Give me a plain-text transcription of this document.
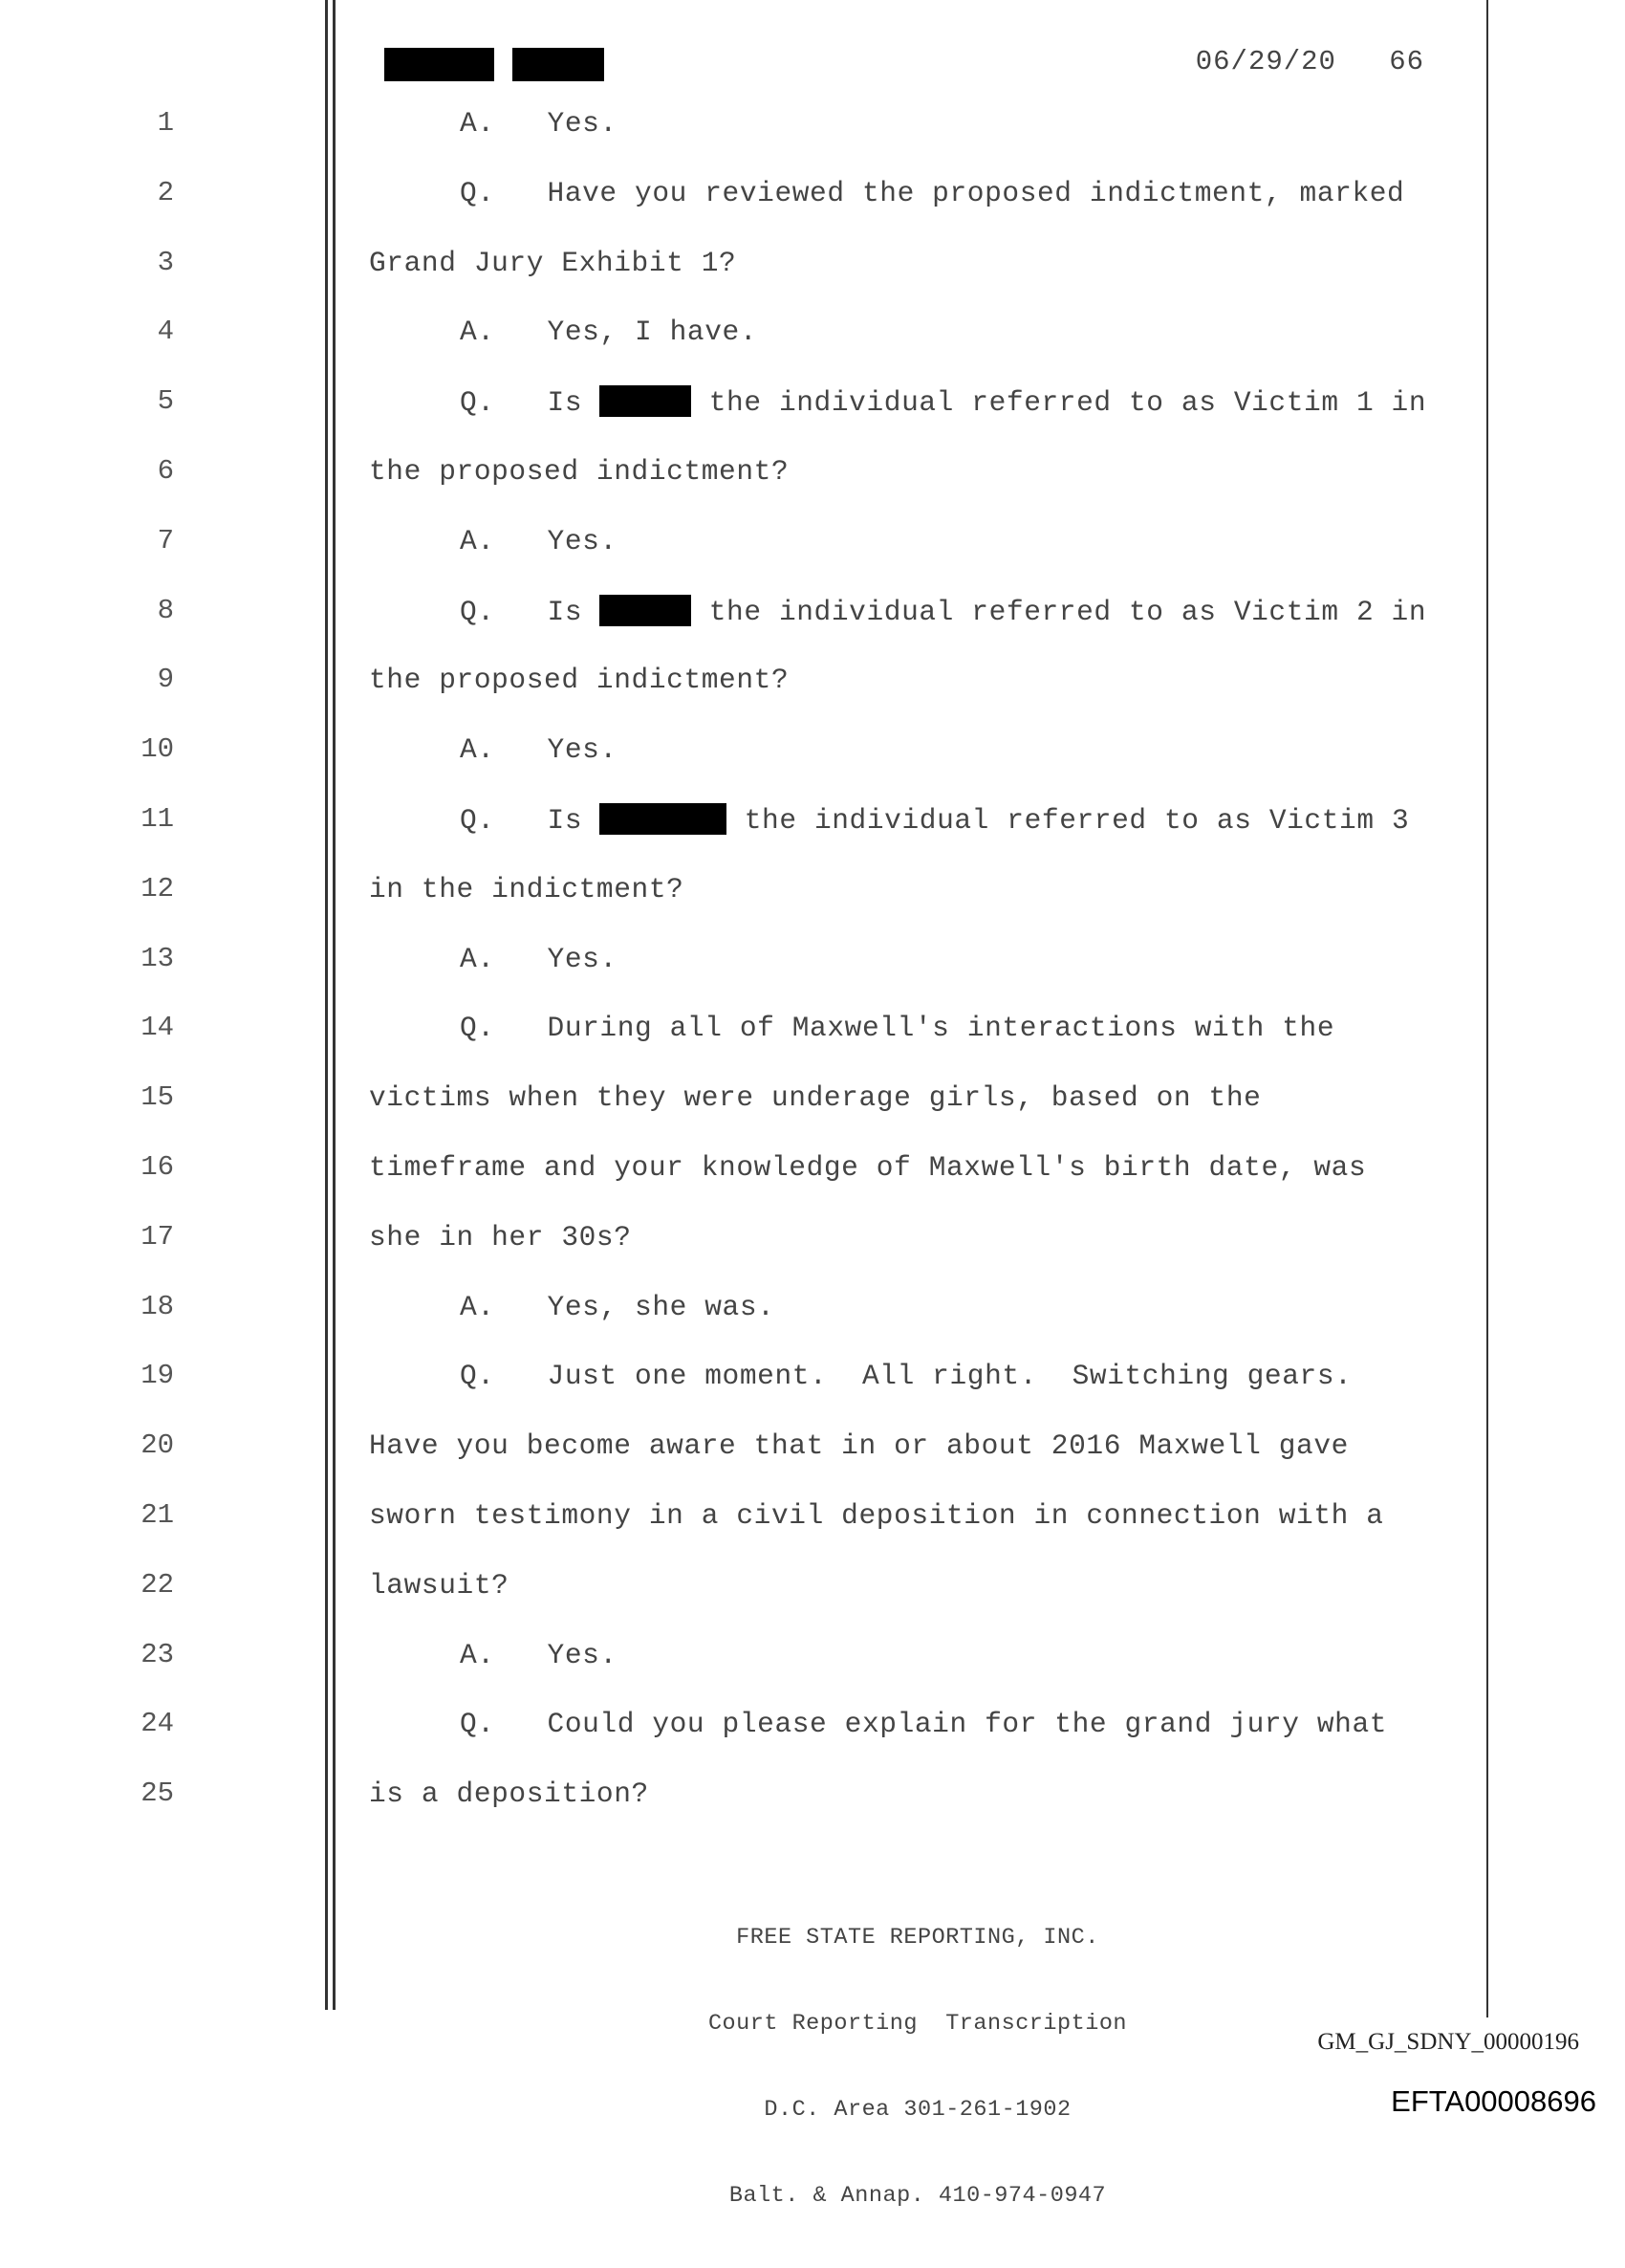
06/29/20 66
1	A.   Yes.
2	Q.   Have you reviewed the proposed indictment, marked
3	Grand Jury Exhibit 1?
4	A.   Yes, I have.
5	Q.   Is	the individual referred to as Victim 1 in
6	the proposed indictment?
7	A.   Yes.
8	Q.   Is	the individual referred to as Victim 2 in
9	the proposed indictment?
10	A.   Yes.
11	Q.   Is	the individual referred to as Victim 3
12	in the indictment?
13	A.   Yes.
14	Q.   During all of Maxwell's interactions with the
15	victims when they were underage girls, based on the
16	timeframe and your knowledge of Maxwell's birth date, was
17	she in her 30s?
18	A.   Yes, she was.
19	Q.   Just one moment.  All right.  Switching gears.
20	Have you become aware that in or about 2016 Maxwell gave
21	sworn testimony in a civil deposition in connection with a
22	lawsuit?
23	A.   Yes.
24	Q.   Could you please explain for the grand jury what
25	is a deposition?

FREE STATE REPORTING, INC.

Court Reporting  Transcription

D.C. Area 301-261-1902

Balt. & Annap. 410-974-0947

GM_GJ_SDNY_00000196
EFTA00008696
